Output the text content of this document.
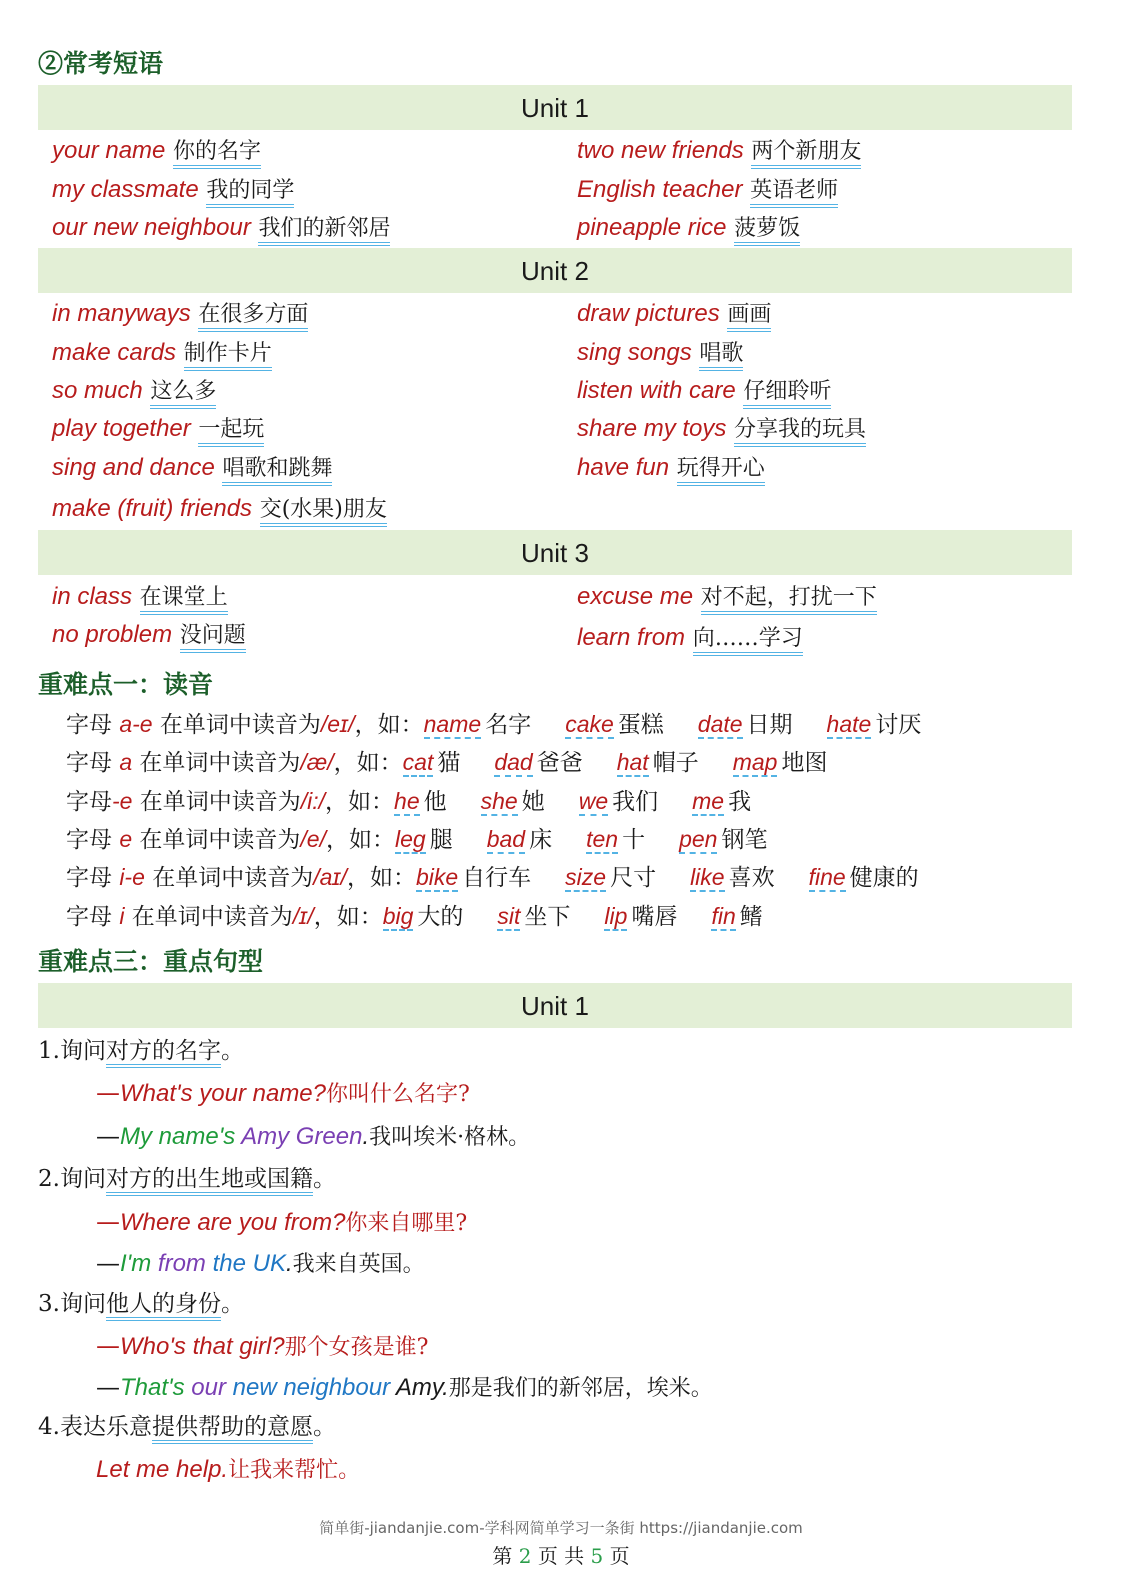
②常考短语
Unit 1
your name 你的名字
my classmate 我的同学
our new neighbour 我们的新邻居
two new friends 两个新朋友
English teacher 英语老师
pineapple rice 菠萝饭
Unit 2
in manyways 在很多方面
make cards 制作卡片
so much 这么多
play together 一起玩
sing and dance 唱歌和跳舞
make (fruit) friends 交(水果)朋友
draw pictures 画画
sing songs 唱歌
listen with care 仔细聆听
share my toys 分享我的玩具
have fun 玩得开心
Unit 3
in class 在课堂上
no problem 没问题
excuse me 对不起，打扰一下
learn from 向……学习
重难点一：读音
字母 a-e 在单词中读音为/eɪ/，如：name 名字 cake 蛋糕 date 日期 hate 讨厌
字母 a 在单词中读音为/æ/，如：cat 猫 dad 爸爸 hat 帽子 map 地图
字母-e 在单词中读音为/i:/，如：he 他 she 她 we 我们 me 我
字母 e 在单词中读音为/e/，如：leg 腿 bad 床 ten 十 pen 钢笔
字母 i-e 在单词中读音为/aɪ/，如：bike 自行车 size 尺寸 like 喜欢 fine 健康的
字母 i 在单词中读音为/ɪ/，如：big 大的 sit 坐下 lip 嘴唇 fin 鳍
重难点三：重点句型
Unit 1
1.询问对方的名字。
—What's your name?你叫什么名字?
—My name's Amy Green.我叫埃米·格林。
2.询问对方的出生地或国籍。
—Where are you from?你来自哪里?
—I'm from the UK.我来自英国。
3.询问他人的身份。
—Who's that girl?那个女孩是谁?
—That's our new neighbour Amy.那是我们的新邻居，埃米。
4.表达乐意提供帮助的意愿。
Let me help.让我来帮忙。
简单街-jiandanjie.com-学科网简单学习一条街 https://jiandanjie.com
第 2 页 共 5 页
